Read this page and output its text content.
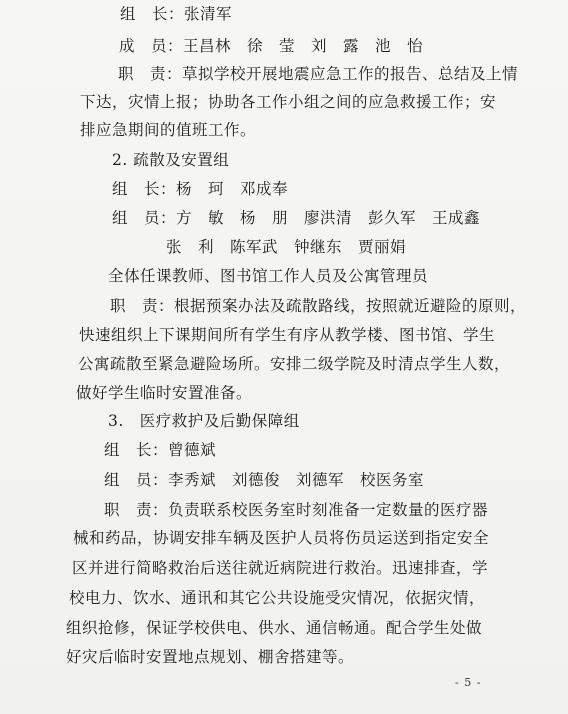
组　长：张清军
成　员：王昌林　徐　莹　刘　露　池　怡
职　责：草拟学校开展地震应急工作的报告、总结及上情
下达，灾情上报；协助各工作小组之间的应急救援工作；安
排应急期间的值班工作。
2. 疏散及安置组
组　长：杨　珂　邓成奉
组　员：方　敏　杨　朋　廖洪清　彭久军　王成鑫
张　利　陈军武　钟继东　贾丽娟
全体任课教师、图书馆工作人员及公寓管理员
职　责：根据预案办法及疏散路线，按照就近避险的原则，
快速组织上下课期间所有学生有序从教学楼、图书馆、学生
公寓疏散至紧急避险场所。安排二级学院及时清点学生人数，
做好学生临时安置准备。
3.　医疗救护及后勤保障组
组　长：曾德斌
组　员：李秀斌　刘德俊　刘德军　校医务室
职　责：负责联系校医务室时刻准备一定数量的医疗器
械和药品，协调安排车辆及医护人员将伤员运送到指定安全
区并进行简略救治后送往就近病院进行救治。迅速排查，学
校电力、饮水、通讯和其它公共设施受灾情况，依据灾情，
组织抢修，保证学校供电、供水、通信畅通。配合学生处做
好灾后临时安置地点规划、棚舍搭建等。
- 5 -
